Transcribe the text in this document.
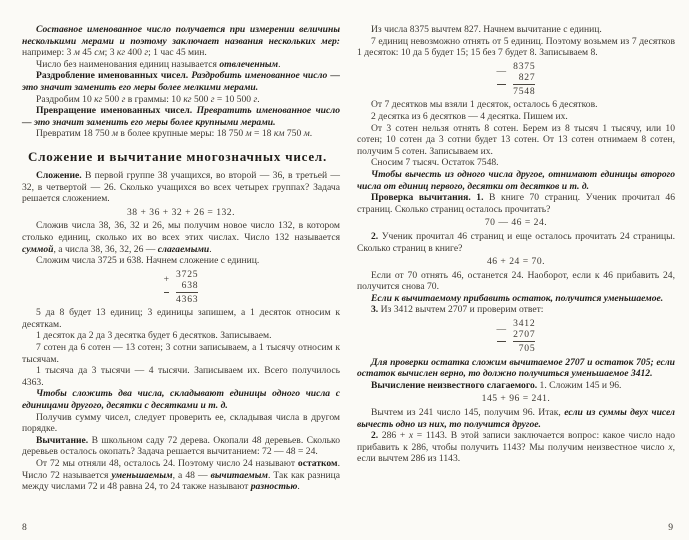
Составное именованное число получается при измерении величины несколькими мерами и поэтому заключает названия нескольких мер: например: 3 м 45 см; 3 кг 400 г; 1 час 45 мин.

Число без наименования единиц называется отвлеченным.

Раздробление именованных чисел. Раздробить именованное число — это значит заменить его меры более мелкими мерами.

Раздробим 10 кг 500 г в граммы: 10 кг 500 г = 10 500 г.

Превращение именованных чисел. Превратить именованное число — это значит заменить его меры более крупными мерами.

Превратим 18 750 м в более крупные меры: 18 750 м = 18 км 750 м.

Сложение и вычитание многозначных чисел.

Сложение. В первой группе 38 учащихся, во второй — 36, в третьей — 32, в четвертой — 26. Сколько учащихся во всех четырех группах? Задача решается сложением.

38 + 36 + 32 + 26 = 132.

Сложив числа 38, 36, 32 и 26, мы получим новое число 132, в котором столько единиц, сколько их во всех этих числах. Число 132 называется суммой, а числа 38, 36, 32, 26 — слагаемыми.

Сложим числа 3725 и 638. Начнем сложение с единиц.

+
3725
638
4363

5 да 8 будет 13 единиц; 3 единицы запишем, а 1 десяток относим к десяткам.

1 десяток да 2 да 3 десятка будет 6 десятков. Записываем.

7 сотен да 6 сотен — 13 сотен; 3 сотни записываем, а 1 тысячу относим к тысячам.

1 тысяча да 3 тысячи — 4 тысячи. Записываем их. Всего получилось 4363.

Чтобы сложить два числа, складывают единицы одного числа с единицами другого, десятки с десятками и т. д.

Получив сумму чисел, следует проверить ее, складывая числа в другом порядке.

Вычитание. В школьном саду 72 дерева. Окопали 48 деревьев. Сколько деревьев осталось окопать? Задача решается вычитанием: 72 — 48 = 24.

От 72 мы отняли 48, осталось 24. Поэтому число 24 называют остатком. Число 72 называется уменьшаемым, а 48 — вычитаемым. Так как разница между числами 72 и 48 равна 24, то 24 также называют разностью.

8

Из числа 8375 вычтем 827. Начнем вычитание с единиц.

7 единиц невозможно отнять от 5 единиц. Поэтому возьмем из 7 десятков 1 десяток: 10 да 5 будет 15; 15 без 7 будет 8. Записываем 8.

—
8375
827
7548

От 7 десятков мы взяли 1 десяток, осталось 6 десятков.

2 десятка из 6 десятков — 4 десятка. Пишем их.

От 3 сотен нельзя отнять 8 сотен. Берем из 8 тысяч 1 тысячу, или 10 сотен; 10 сотен да 3 сотни будет 13 сотен. От 13 сотен отнимаем 8 сотен, получим 5 сотен. Записываем их.

Сносим 7 тысяч. Остаток 7548.

Чтобы вычесть из одного числа другое, отнимают единицы второго числа от единиц первого, десятки от десятков и т. д.

Проверка вычитания. 1. В книге 70 страниц. Ученик прочитал 46 страниц. Сколько страниц осталось прочитать?

70 — 46 = 24.

2. Ученик прочитал 46 страниц и еще осталось прочитать 24 страницы. Сколько страниц в книге?

46 + 24 = 70.

Если от 70 отнять 46, останется 24. Наоборот, если к 46 прибавить 24, получится снова 70.

Если к вычитаемому прибавить остаток, получится уменьшаемое.

3. Из 3412 вычтем 2707 и проверим ответ:

—
3412
2707
705

Для проверки остатка сложим вычитаемое 2707 и остаток 705; если остаток вычислен верно, то должно получиться уменьшаемое 3412.

Вычисление неизвестного слагаемого. 1. Сложим 145 и 96.

145 + 96 = 241.

Вычтем из 241 число 145, получим 96. Итак, если из суммы двух чисел вычесть одно из них, то получится другое.

2. 286 + x = 1143. В этой записи заключается вопрос: какое число надо прибавить к 286, чтобы получить 1143? Мы получим неизвестное число x, если вычтем 286 из 1143.

9
